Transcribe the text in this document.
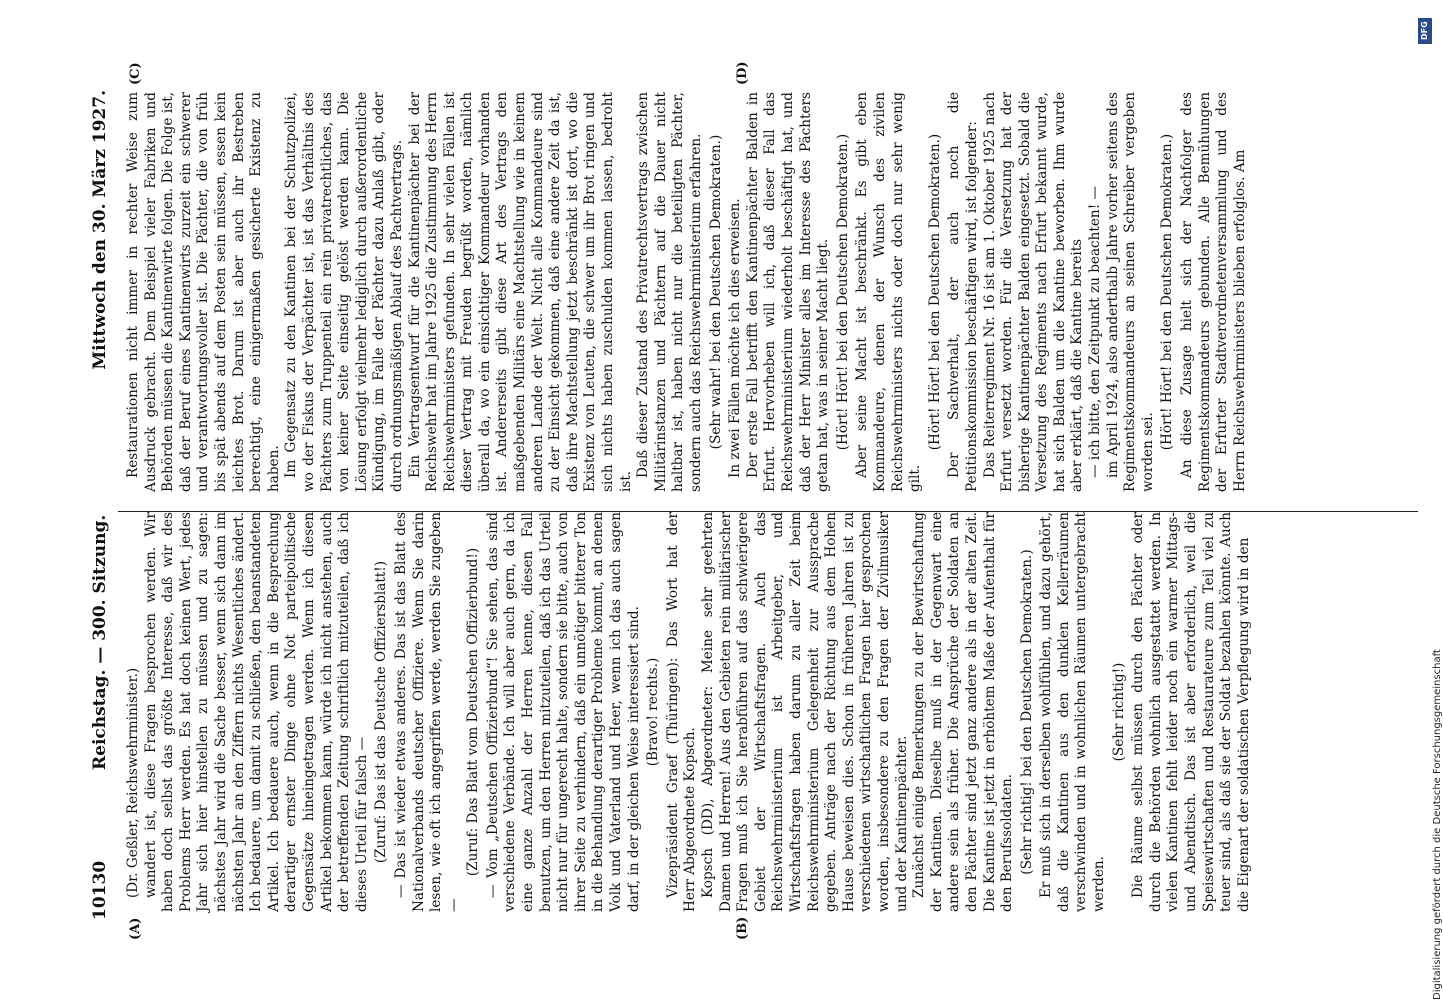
10130
Reichstag. — 300. Sitzung.
Mittwoch den 30. März 1927.
(A)	(B)
(C)	(D)

(Dr. Geßler, Reichswehrminister.) wandert ist, diese Fragen besprochen werden. Wir haben doch selbst das größte Interesse, daß wir des Problems Herr werden. Es hat doch keinen Wert, jedes Jahr sich hier hinstellen zu müssen und zu sagen: nächstes Jahr wird die Sache besser, wenn sich dann im nächsten Jahr an den Ziffern nichts Wesentliches ändert. Ich bedauere, um damit zu schließen, den beanstandeten Artikel. Ich bedauere auch, wenn in die Besprechung derartiger ernster Dinge ohne Not parteipolitische Gegensätze hineingetragen werden. Wenn ich diesen Artikel bekommen kann, würde ich nicht anstehen, auch der betreffenden Zeitung schriftlich mitzuteilen, daß ich dieses Urteil für falsch — (Zuruf: Das ist das Deutsche Offiziersblatt!) — Das ist wieder etwas anderes. Das ist das Blatt des Nationalverbands deutscher Offiziere. Wenn Sie darin lesen, wie oft ich angegriffen werde, werden Sie zugeben —

(Zuruf: Das Blatt vom Deutschen Offizierbund!) — Vom „Deutschen Offizierbund“! Sie sehen, das sind verschiedene Verbände. Ich will aber auch gern, da ich eine ganze Anzahl der Herren kenne, diesen Fall benutzen, um den Herren mitzuteilen, daß ich das Urteil nicht nur für ungerecht halte, sondern sie bitte, auch von ihrer Seite zu verhindern, daß ein unnötiger bitterer Ton in die Behandlung derartiger Probleme kommt, an denen Volk und Vaterland und Heer, wenn ich das auch sagen darf, in der gleichen Weise interessiert sind. (Bravo! rechts.) Vizepräsident Graef (Thüringen): Das Wort hat der Herr Abgeordnete Kopsch. Kopsch (DD), Abgeordneter: Meine sehr geehrten Damen und Herren! Aus den Gebieten rein militärischer Fragen muß ich Sie herabführen auf das schwierigere Gebiet der Wirtschaftsfragen. Auch das Reichswehrministerium ist Arbeitgeber, und Wirtschaftsfragen haben darum zu aller Zeit beim Reichswehrministerium Gelegenheit zur Aussprache gegeben. Anträge nach der Richtung aus dem Hohen Hause beweisen dies. Schon in früheren Jahren ist zu verschiedenen wirtschaftlichen Fragen hier gesprochen worden, insbesondere zu den Fragen der Zivilmusiker und der Kantinenpächter. Zunächst einige Bemerkungen zu der Bewirtschaftung der Kantinen. Dieselbe muß in der Gegenwart eine andere sein als früher. Die Ansprüche der Soldaten an den Pächter sind jetzt ganz andere als in der alten Zeit. Die Kantine ist jetzt in erhöhtem Maße der Aufenthalt für den Berufssoldaten. (Sehr richtig! bei den Deutschen Demokraten.) Er muß sich in derselben wohlfühlen, und dazu gehört, daß die Kantinen aus den dunklen Kellerräumen verschwinden und in wohnlichen Räumen untergebracht werden.

(Sehr richtig!) Die Räume selbst müssen durch den Pächter oder durch die Behörden wohnlich ausgestattet werden. In vielen Kantinen fehlt leider noch ein warmer Mittags- und Abendtisch. Das ist aber erforderlich, weil die Speisewirtschaften und Restaurateure zum Teil viel zu teuer sind, als daß sie der Soldat bezahlen könnte. Auch die Eigenart der soldatischen Verpflegung wird in den

Restaurationen nicht immer in rechter Weise zum Ausdruck gebracht. Dem Beispiel vieler Fabriken und Behörden müssen die Kantinenwirte folgen. Die Folge ist, daß der Beruf eines Kantinenwirts zurzeit ein schwerer und verantwortungsvoller ist. Die Pächter, die von früh bis spät abends auf dem Posten sein müssen, essen kein leichtes Brot. Darum ist aber auch ihr Bestreben berechtigt, eine einigermaßen gesicherte Existenz zu haben. Im Gegensatz zu den Kantinen bei der Schutzpolizei, wo der Fiskus der Verpächter ist, ist das Verhältnis des Pächters zum Truppenteil ein rein privatrechtliches, das von keiner Seite einseitig gelöst werden kann. Die Lösung erfolgt vielmehr lediglich durch außerordentliche Kündigung, im Falle der Pächter dazu Anlaß gibt, oder durch ordnungsmäßigen Ablauf des Pachtvertrags. Ein Vertragsentwurf für die Kantinenpächter bei der Reichswehr hat im Jahre 1925 die Zustimmung des Herrn Reichswehrministers gefunden. In sehr vielen Fällen ist dieser Vertrag mit Freuden begrüßt worden, nämlich überall da, wo ein einsichtiger Kommandeur vorhanden ist. Andererseits gibt diese Art des Vertrags den maßgebenden Militärs eine Machtstellung wie in keinem anderen Lande der Welt. Nicht alle Kommandeure sind zu der Einsicht gekommen, daß eine andere Zeit da ist, daß ihre Machtstellung jetzt beschränkt ist dort, wo die Existenz von Leuten, die schwer um ihr Brot ringen und sich nichts haben zuschulden kommen lassen, bedroht ist.

Daß dieser Zustand des Privatrechtsvertrags zwischen Militärinstanzen und Pächtern auf die Dauer nicht haltbar ist, haben nicht nur die beteiligten Pächter, sondern auch das Reichswehrministerium erfahren. (Sehr wahr! bei den Deutschen Demokraten.) In zwei Fällen möchte ich dies erweisen. Der erste Fall betrifft den Kantinenpächter Balden in Erfurt. Hervorheben will ich, daß dieser Fall das Reichswehrministerium wiederholt beschäftigt hat, und daß der Herr Minister alles im Interesse des Pächters getan hat, was in seiner Macht liegt. (Hört! Hört! bei den Deutschen Demokraten.) Aber seine Macht ist beschränkt. Es gibt eben Kommandeure, denen der Wunsch des zivilen Reichswehrministers nichts oder doch nur sehr wenig gilt.

(Hört! Hört! bei den Deutschen Demokraten.) Der Sachverhalt, der auch noch die Petitionskommission beschäftigen wird, ist folgender: Das Reiterregiment Nr. 16 ist am 1. Oktober 1925 nach Erfurt versetzt worden. Für die Versetzung hat der bisherige Kantinenpächter Balden eingesetzt. Sobald die Versetzung des Regiments nach Erfurt bekannt wurde, hat sich Balden um die Kantine beworben. Ihm wurde aber erklärt, daß die Kantine bereits — ich bitte, den Zeitpunkt zu beachten! — im April 1924, also anderthalb Jahre vorher seitens des Regimentskommandeurs an seinen Schreiber vergeben worden sei.

(Hört! Hört! bei den Deutschen Demokraten.) An diese Zusage hielt sich der Nachfolger des Regimentskommandeurs gebunden. Alle Bemühungen der Erfurter Stadtverordnetenversammlung und des Herrn Reichswehrministers blieben erfolglos. Am

DFG
Digitalisierung gefördert durch die Deutsche Forschungsgemeinschaft
